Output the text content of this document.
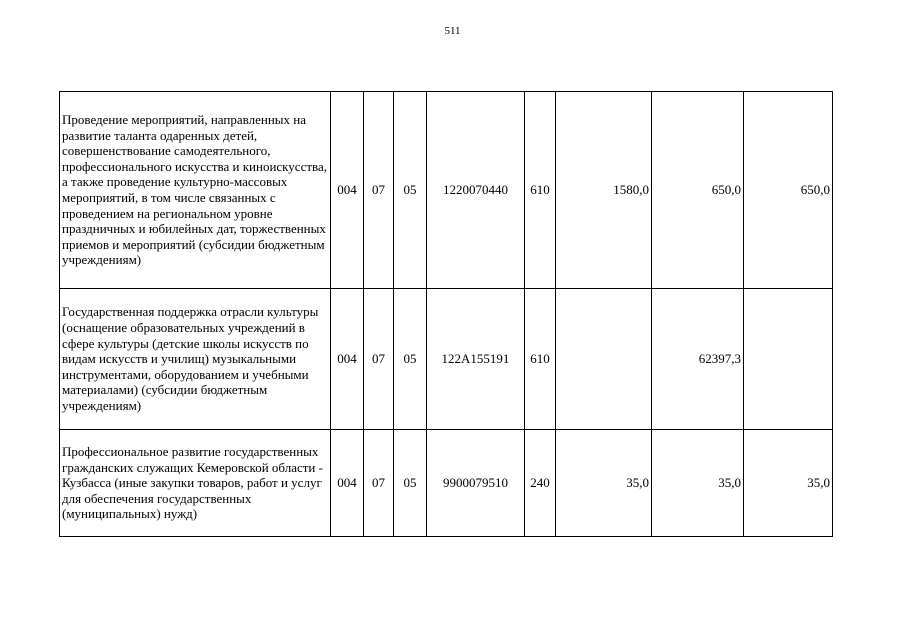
511
Проведение мероприятий, направленных на развитие таланта одаренных детей, совершенствование самодеятельного, профессионального искусства и киноискусства, а также проведение культурно-массовых мероприятий, в том числе связанных с проведением на региональном уровне праздничных и юбилейных дат, торжественных приемов и мероприятий (субсидии бюджетным учреждениям)	004	07	05	1220070440	610	1580,0	650,0	650,0
Государственная поддержка отрасли культуры (оснащение образовательных учреждений в сфере культуры (детские школы искусств по видам искусств и училищ) музыкальными инструментами, оборудованием и учебными материалами) (субсидии бюджетным учреждениям)	004	07	05	122А155191	610		62397,3	
Профессиональное развитие государственных гражданских служащих Кемеровской области - Кузбасса (иные закупки товаров, работ и услуг для обеспечения государственных (муниципальных) нужд)	004	07	05	9900079510	240	35,0	35,0	35,0
